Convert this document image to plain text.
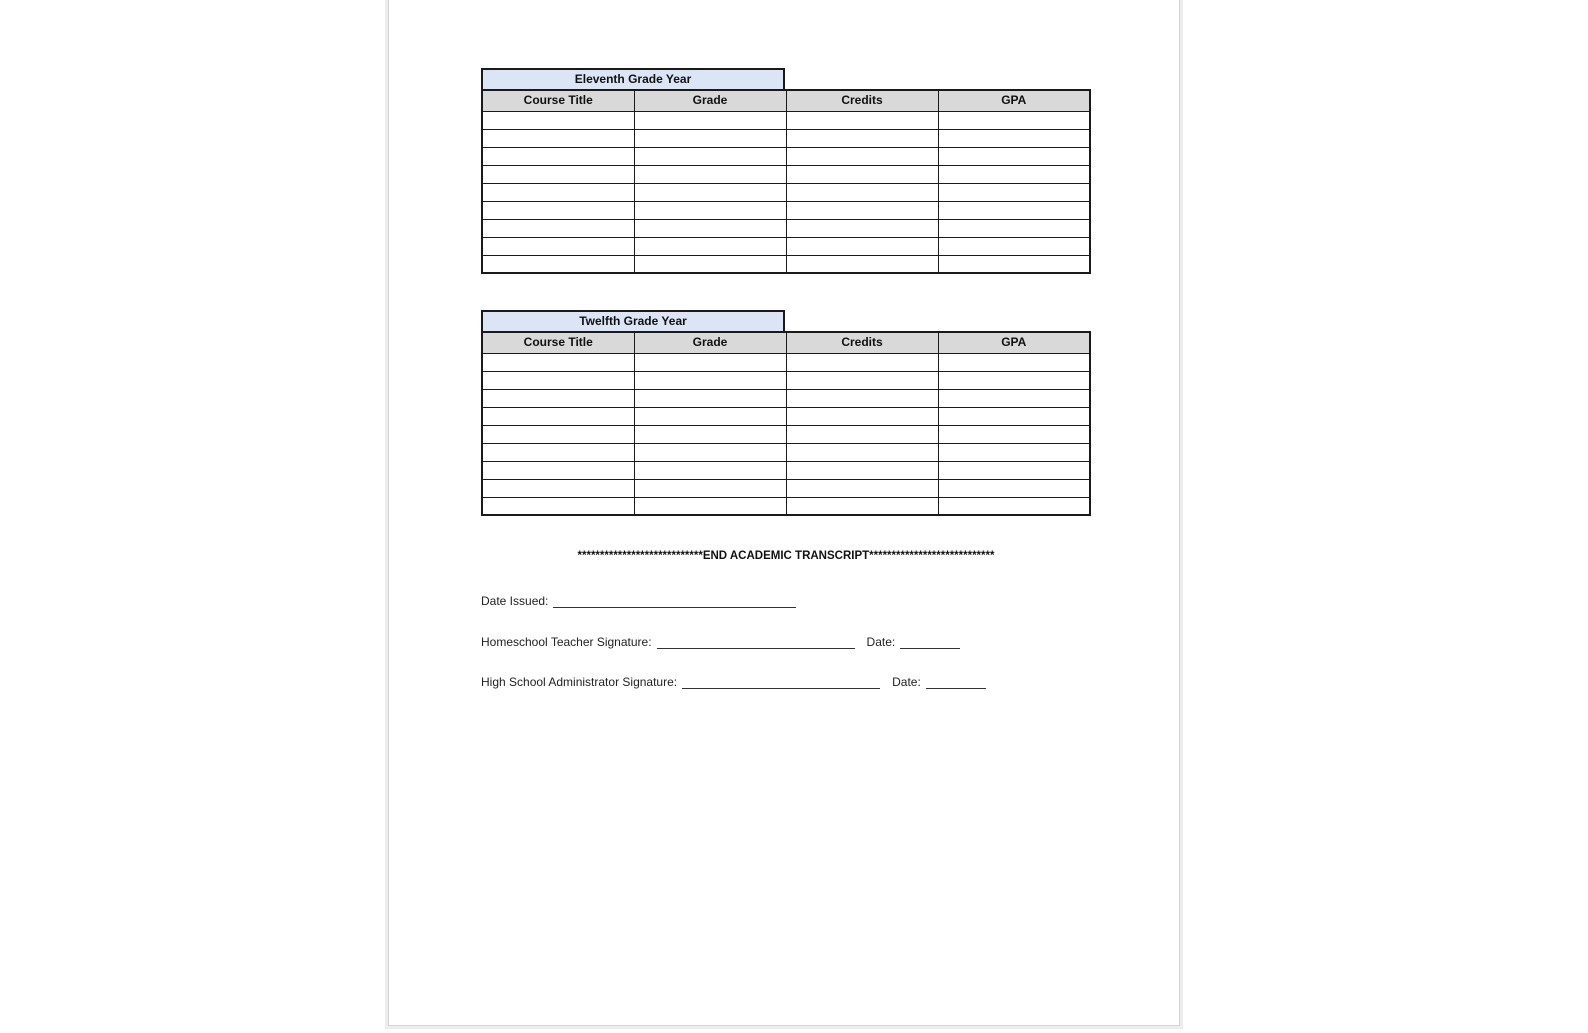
Eleventh Grade Year
Course Title	Grade	Credits	GPA

Twelfth Grade Year
Course Title	Grade	Credits	GPA

****************************END ACADEMIC TRANSCRIPT****************************
Date Issued:
Homeschool Teacher Signature:	Date:
High School Administrator Signature:	Date:
